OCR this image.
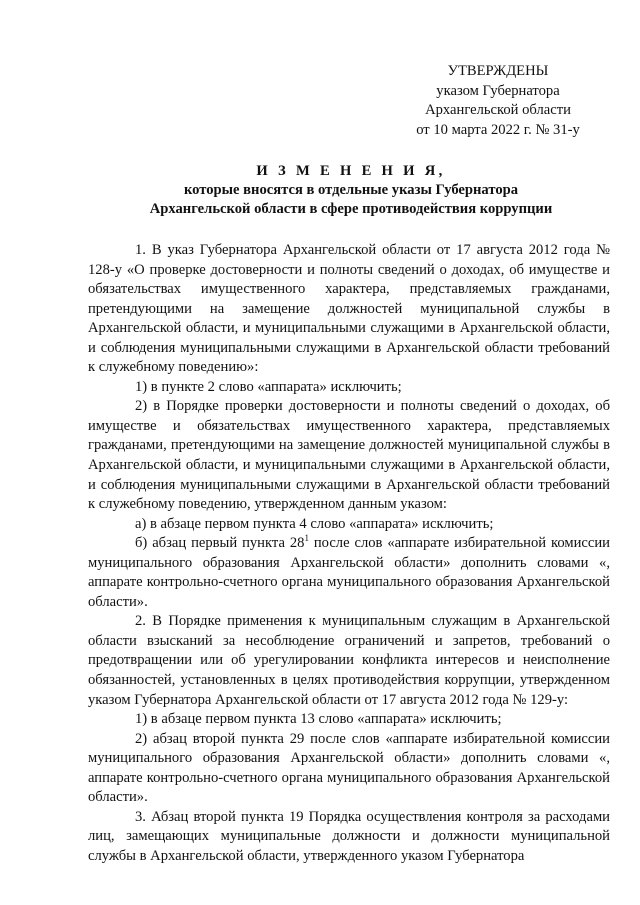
УТВЕРЖДЕНЫ
указом Губернатора
Архангельской области
от 10 марта 2022 г. № 31-у
И З М Е Н Е Н И Я,
которые вносятся в отдельные указы Губернатора
Архангельской области в сфере противодействия коррупции

1. В указ Губернатора Архангельской области от 17 августа 2012 года № 128-у «О проверке достоверности и полноты сведений о доходах, об имуществе и обязательствах имущественного характера, представляемых гражданами, претендующими на замещение должностей муниципальной службы в Архангельской области, и муниципальными служащими в Архангельской области, и соблюдения муниципальными служащими в Архангельской области требований к служебному поведению»:

1) в пункте 2 слово «аппарата» исключить;

2) в Порядке проверки достоверности и полноты сведений о доходах, об имуществе и обязательствах имущественного характера, представляемых гражданами, претендующими на замещение должностей муниципальной службы в Архангельской области, и муниципальными служащими в Архангельской области, и соблюдения муниципальными служащими в Архангельской области требований к служебному поведению, утвержденном данным указом:

а) в абзаце первом пункта 4 слово «аппарата» исключить;

б) абзац первый пункта $28^1$ после слов «аппарате избирательной комиссии муниципального образования Архангельской области» дополнить словами «, аппарате контрольно-счетного органа муниципального образования Архангельской области».

2. В Порядке применения к муниципальным служащим в Архангельской области взысканий за несоблюдение ограничений и запретов, требований о предотвращении или об урегулировании конфликта интересов и неисполнение обязанностей, установленных в целях противодействия коррупции, утвержденном указом Губернатора Архангельской области от 17 августа 2012 года № 129-у:

1) в абзаце первом пункта 13 слово «аппарата» исключить;

2) абзац второй пункта 29 после слов «аппарате избирательной комиссии муниципального образования Архангельской области» дополнить словами «, аппарате контрольно-счетного органа муниципального образования Архангельской области».

3. Абзац второй пункта 19 Порядка осуществления контроля за расходами лиц, замещающих муниципальные должности и должности муниципальной службы в Архангельской области, утвержденного указом Губернатора
